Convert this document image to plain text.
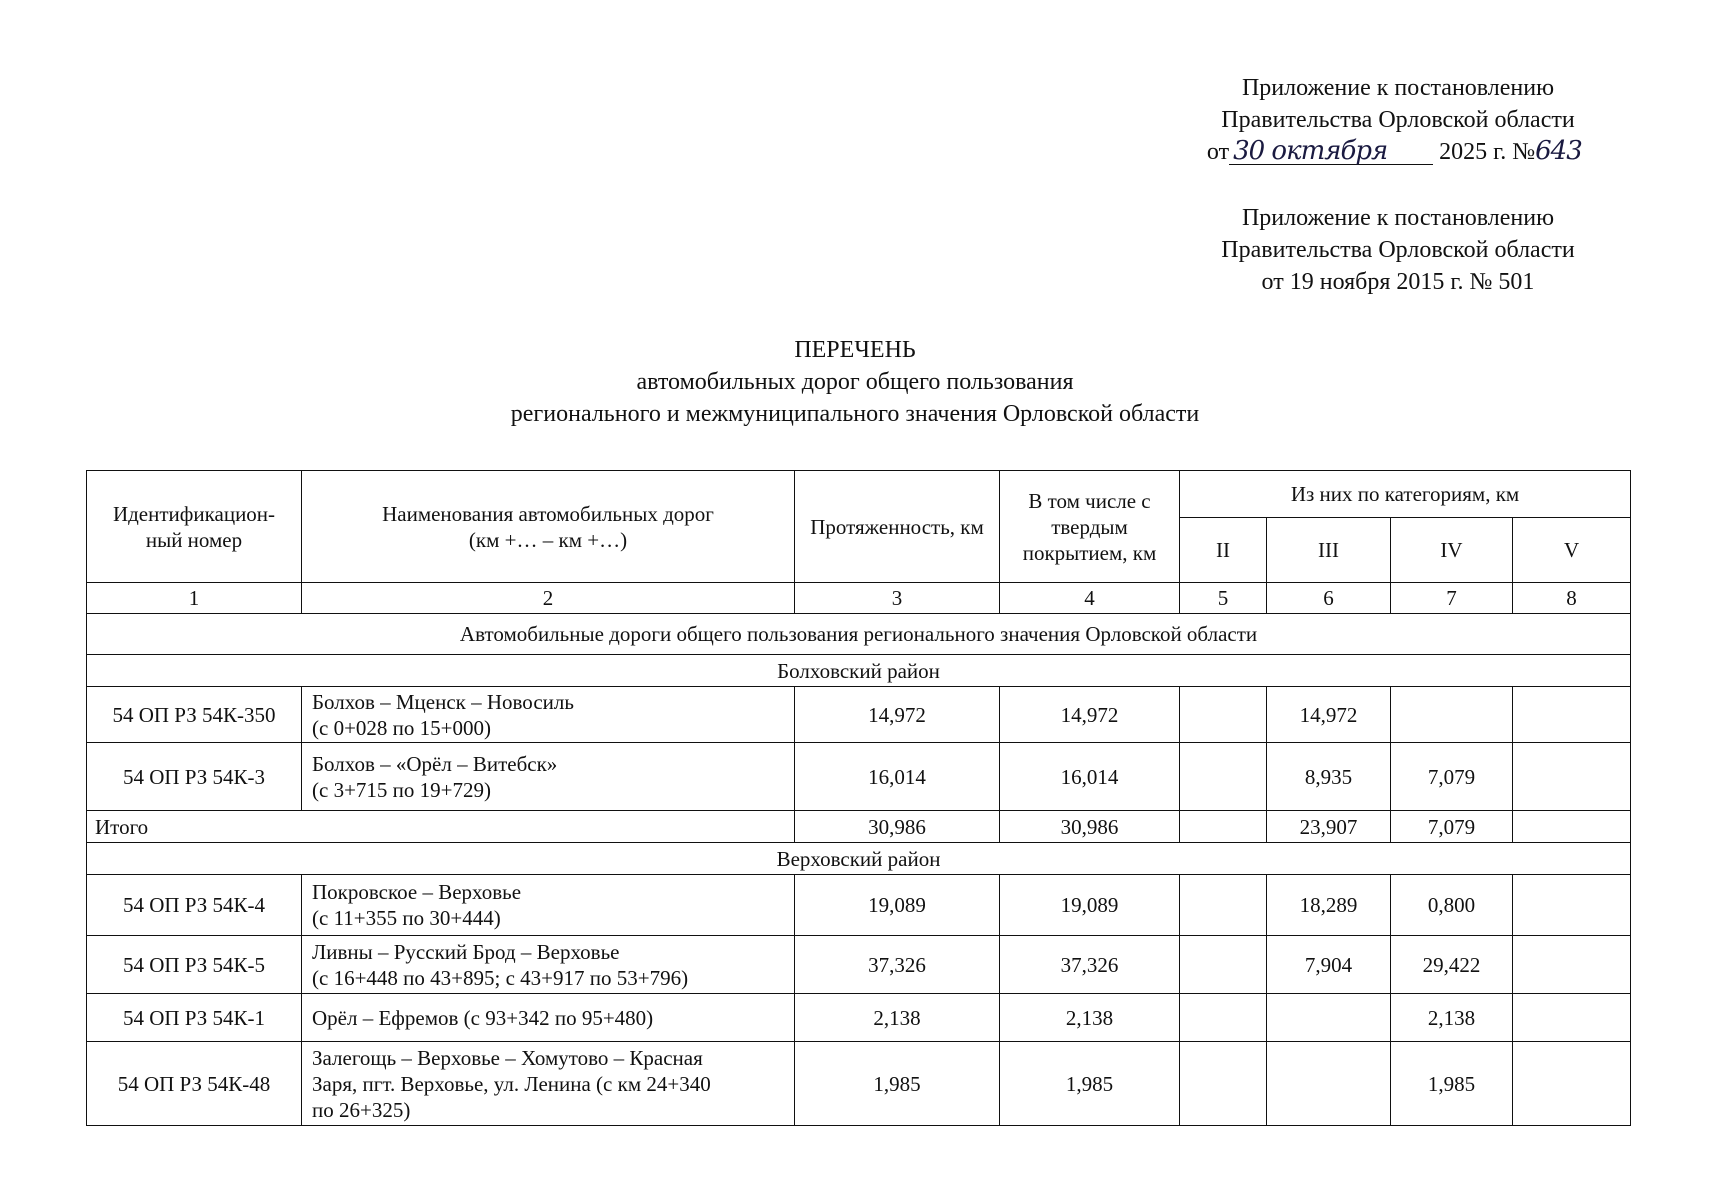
Приложение к постановлению
Правительства Орловской области
от 30 октября 2025 г. №643
Приложение к постановлению
Правительства Орловской области
от 19 ноября 2015 г. № 501
ПЕРЕЧЕНЬ
автомобильных дорог общего пользования
регионального и межмуниципального значения Орловской области
Идентификацион-ный номер	Наименования автомобильных дорог
(км +… – км +…)	Протяженность, км	В том числе с твердым покрытием, км	Из них по категориям, км			
				II	III	IV	V
1	2	3	4	5	6	7	8
Автомобильные дороги общего пользования регионального значения Орловской области							
Болховский район							
54 ОП РЗ 54К-350	Болхов – Мценск – Новосиль
(с 0+028 по 15+000)	14,972	14,972		14,972		
54 ОП РЗ 54К-3	Болхов – «Орёл – Витебск»
(с 3+715 по 19+729)	16,014	16,014		8,935	7,079	
Итого		30,986	30,986		23,907	7,079	
Верховский район							
54 ОП РЗ 54К-4	Покровское – Верховье
(с 11+355 по 30+444)	19,089	19,089		18,289	0,800	
54 ОП РЗ 54К-5	Ливны – Русский Брод – Верховье
(с 16+448 по 43+895; с 43+917 по 53+796)	37,326	37,326		7,904	29,422	
54 ОП РЗ 54К-1	Орёл – Ефремов (с 93+342 по 95+480)	2,138	2,138			2,138	
54 ОП РЗ 54К-48	Залегощь – Верховье – Хомутово – Красная
Заря, пгт. Верховье, ул. Ленина (с км 24+340
по 26+325)	1,985	1,985			1,985	
